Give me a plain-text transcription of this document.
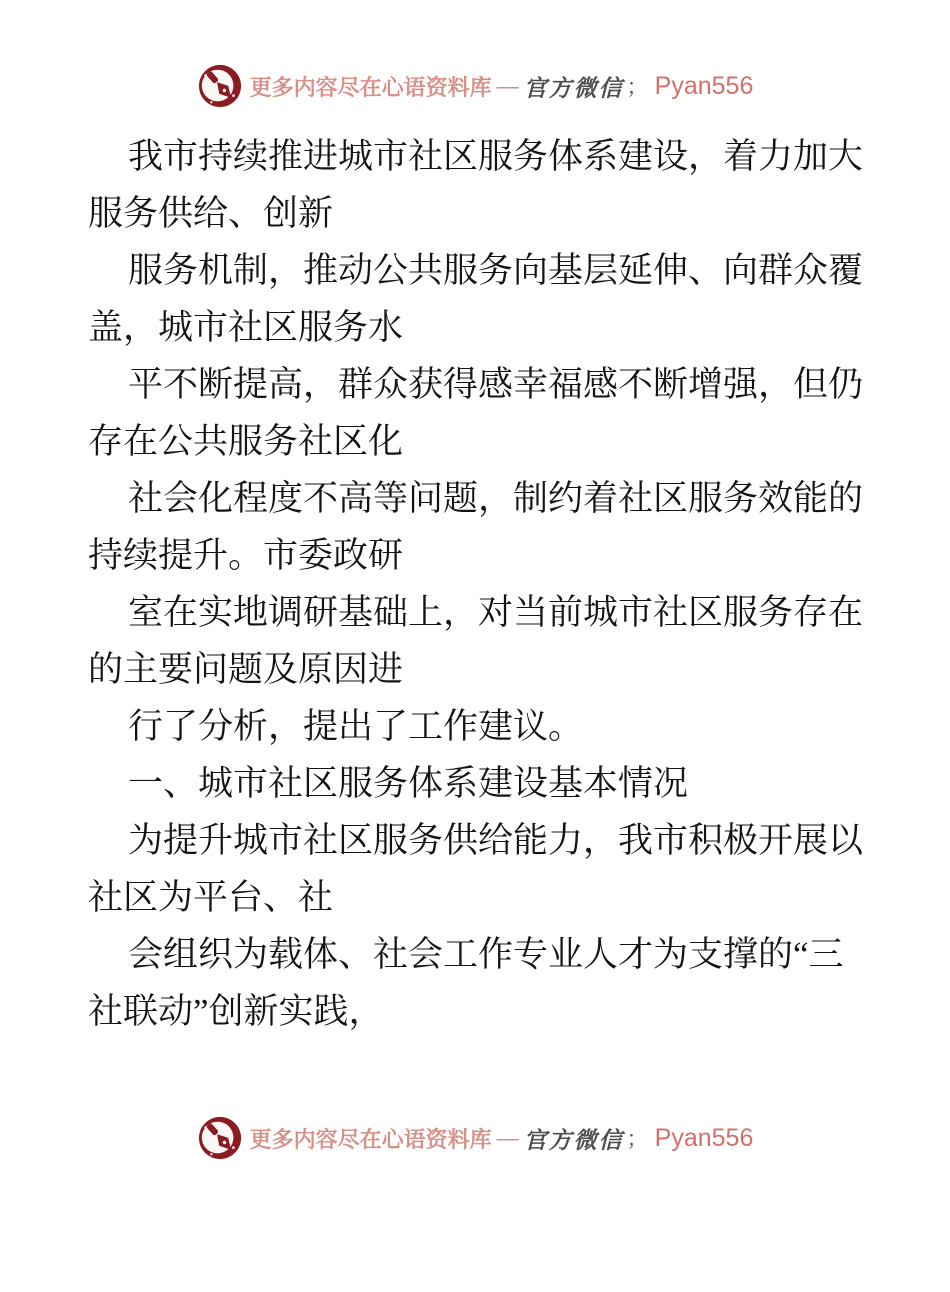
更多内容尽在心语资料库 — 官方微信 ； Pyan556

我市持续推进城市社区服务体系建设，着力加大服务供给、创新

服务机制，推动公共服务向基层延伸、向群众覆盖，城市社区服务水

平不断提高，群众获得感幸福感不断增强，但仍存在公共服务社区化

社会化程度不高等问题，制约着社区服务效能的持续提升。市委政研

室在实地调研基础上，对当前城市社区服务存在的主要问题及原因进

行了分析，提出了工作建议。

一、城市社区服务体系建设基本情况

为提升城市社区服务供给能力，我市积极开展以社区为平台、社

会组织为载体、社会工作专业人才为支撑的“三社联动”创新实践，

更多内容尽在心语资料库 — 官方微信 ； Pyan556
